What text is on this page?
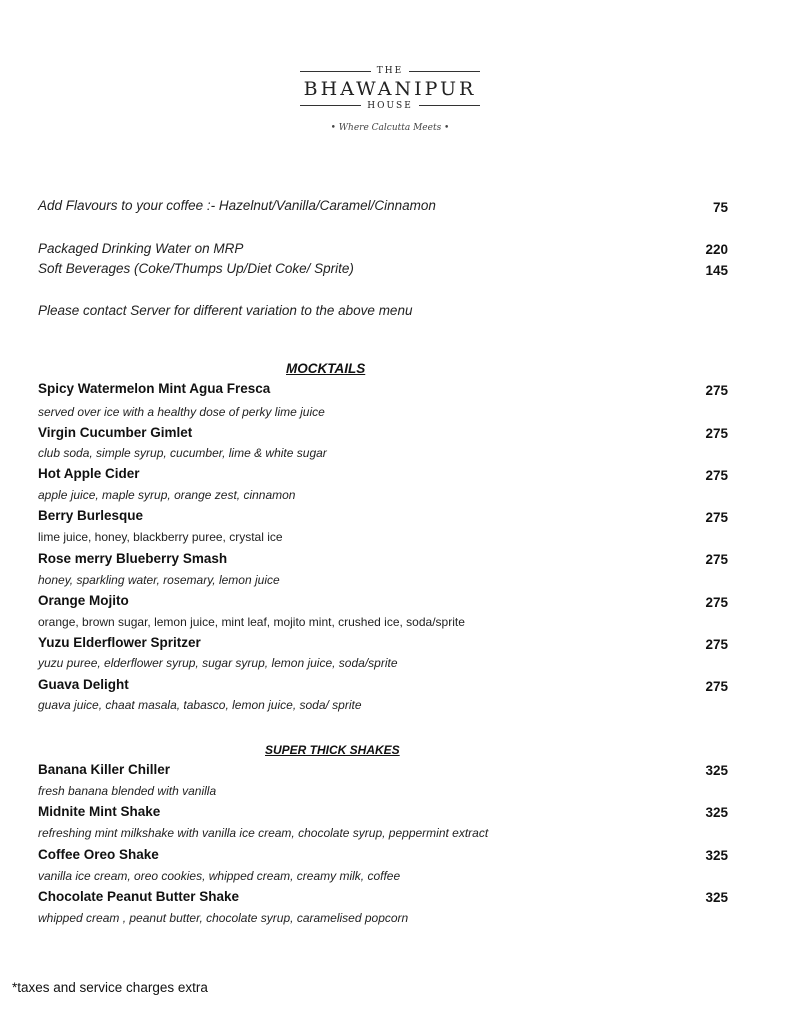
THE
BHAWANIPUR
HOUSE
• Where Calcutta Meets •
Add Flavours to your coffee :- Hazelnut/Vanilla/Caramel/Cinnamon	75
Packaged Drinking Water on MRP	220
Soft Beverages (Coke/Thumps Up/Diet Coke/ Sprite)	145
Please contact Server for different variation to the above menu
MOCKTAILS
Spicy Watermelon Mint Agua Fresca	275
served over ice with a healthy dose of perky lime juice
Virgin Cucumber Gimlet	275
club soda, simple syrup, cucumber, lime & white sugar
Hot Apple Cider	275
apple juice, maple syrup, orange zest, cinnamon
Berry Burlesque	275
lime juice, honey, blackberry puree, crystal ice
Rose merry Blueberry Smash	275
honey, sparkling water, rosemary, lemon juice
Orange Mojito	275
orange, brown sugar, lemon juice, mint leaf, mojito mint, crushed ice, soda/sprite
Yuzu Elderflower Spritzer	275
yuzu puree, elderflower syrup, sugar syrup, lemon juice, soda/sprite
Guava Delight	275
guava juice, chaat masala, tabasco, lemon juice, soda/ sprite
SUPER THICK SHAKES
Banana Killer Chiller	325
fresh banana blended with vanilla
Midnite Mint Shake	325
refreshing mint milkshake with vanilla ice cream, chocolate syrup, peppermint extract
Coffee Oreo Shake	325
vanilla ice cream, oreo cookies, whipped cream, creamy milk, coffee
Chocolate Peanut Butter Shake	325
whipped cream , peanut butter, chocolate syrup, caramelised popcorn
*taxes and service charges extra
